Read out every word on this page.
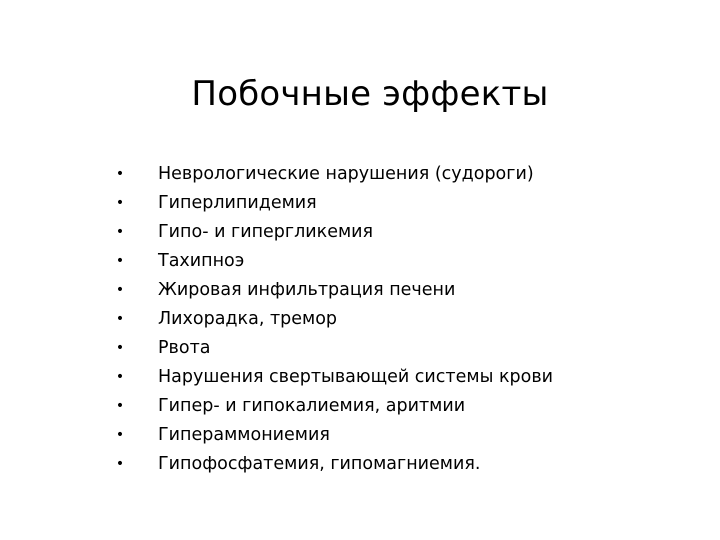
Побочные эффекты
• Неврологические нарушения (судороги)
• Гиперлипидемия
• Гипо- и гипергликемия
• Тахипноэ
• Жировая инфильтрация печени
• Лихорадка, тремор
• Рвота
• Нарушения свертывающей системы крови
• Гипер- и гипокалиемия, аритмии
• Гипераммониемия
• Гипофосфатемия, гипомагниемия.
